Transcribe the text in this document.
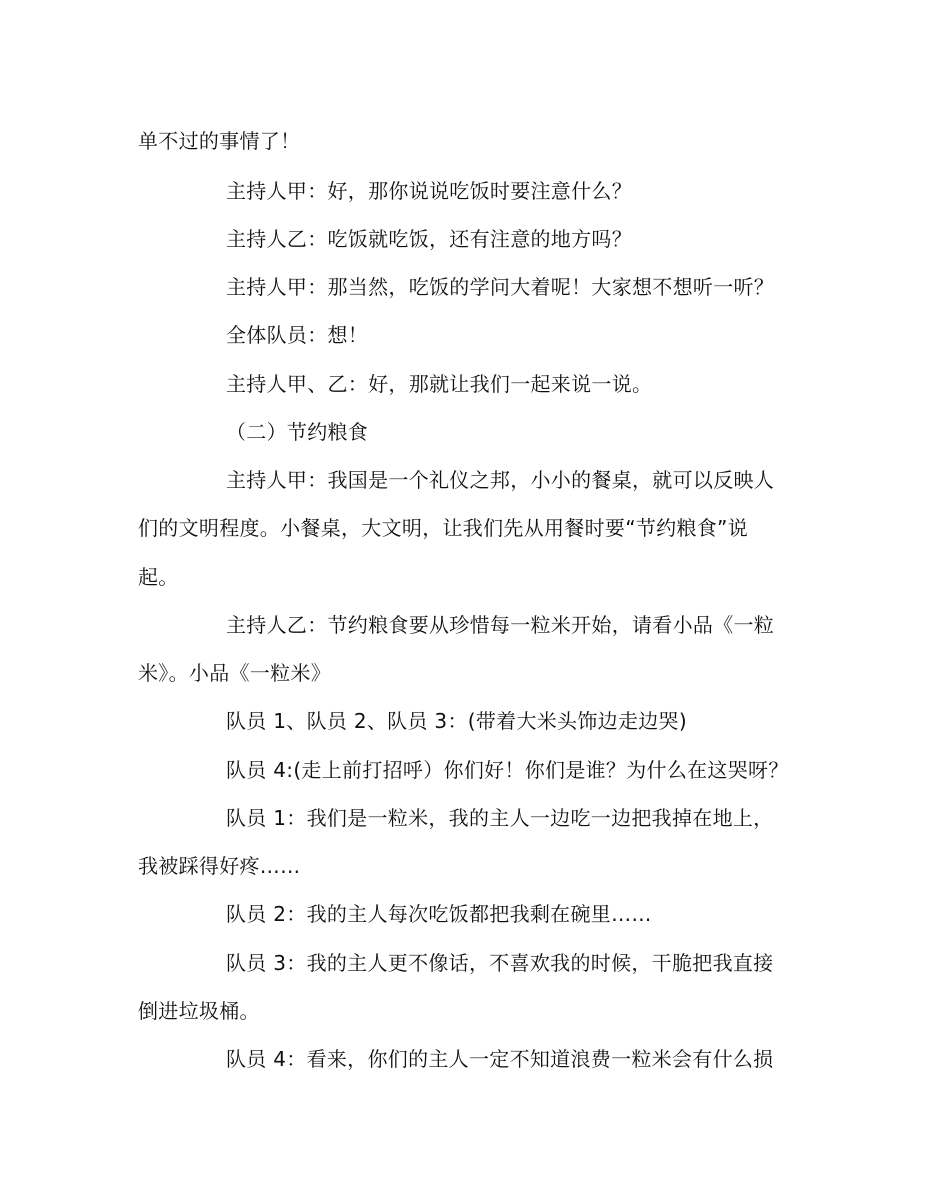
单不过的事情了！
主持人甲：好，那你说说吃饭时要注意什么？
主持人乙：吃饭就吃饭，还有注意的地方吗？
主持人甲：那当然，吃饭的学问大着呢！大家想不想听一听？
全体队员：想！
主持人甲、乙：好，那就让我们一起来说一说。
（二）节约粮食
主持人甲：我国是一个礼仪之邦，小小的餐桌，就可以反映人
们的文明程度。小餐桌，大文明，让我们先从用餐时要“节约粮食”说
起。
主持人乙：节约粮食要从珍惜每一粒米开始，请看小品《一粒
米》。小品《一粒米》
队员 1、队员 2、队员 3：(带着大米头饰边走边哭)
队员 4:(走上前打招呼）你们好！你们是谁？为什么在这哭呀？
队员 1：我们是一粒米，我的主人一边吃一边把我掉在地上，
我被踩得好疼……
队员 2：我的主人每次吃饭都把我剩在碗里……
队员 3：我的主人更不像话，不喜欢我的时候，干脆把我直接
倒进垃圾桶。
队员 4：看来，你们的主人一定不知道浪费一粒米会有什么损
